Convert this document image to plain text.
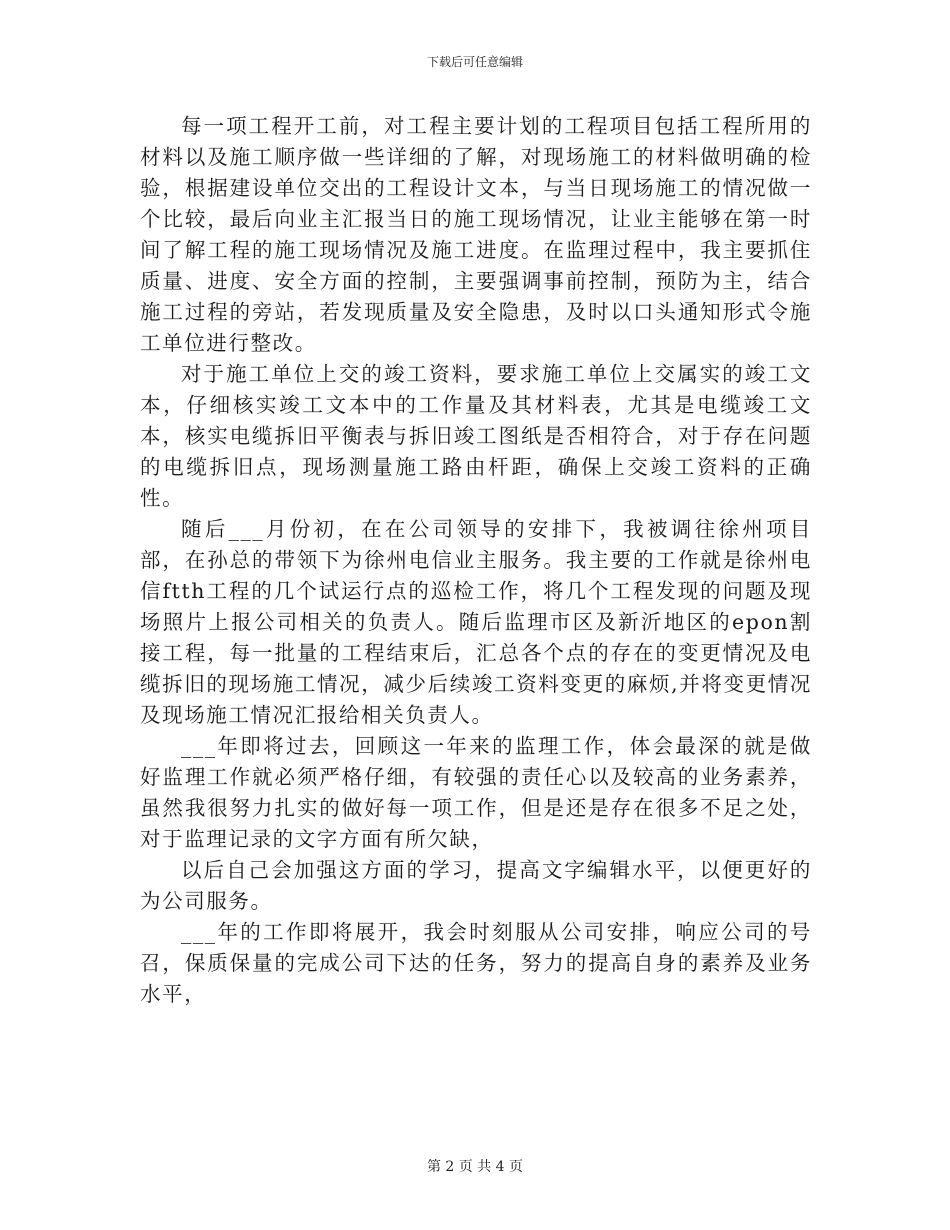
下载后可任意编辑

每一项工程开工前，对工程主要计划的工程项目包括工程所用的材料以及施工顺序做一些详细的了解，对现场施工的材料做明确的检验，根据建设单位交出的工程设计文本，与当日现场施工的情况做一个比较，最后向业主汇报当日的施工现场情况，让业主能够在第一时间了解工程的施工现场情况及施工进度。在监理过程中，我主要抓住质量、进度、安全方面的控制，主要强调事前控制，预防为主，结合施工过程的旁站，若发现质量及安全隐患，及时以口头通知形式令施工单位进行整改。

对于施工单位上交的竣工资料，要求施工单位上交属实的竣工文本，仔细核实竣工文本中的工作量及其材料表，尤其是电缆竣工文本，核实电缆拆旧平衡表与拆旧竣工图纸是否相符合，对于存在问题的电缆拆旧点，现场测量施工路由杆距，确保上交竣工资料的正确性。

随后___月份初，在在公司领导的安排下，我被调往徐州项目部，在孙总的带领下为徐州电信业主服务。我主要的工作就是徐州电信ftth工程的几个试运行点的巡检工作，将几个工程发现的问题及现场照片上报公司相关的负责人。随后监理市区及新沂地区的epon割接工程，每一批量的工程结束后，汇总各个点的存在的变更情况及电缆拆旧的现场施工情况，减少后续竣工资料变更的麻烦,并将变更情况及现场施工情况汇报给相关负责人。

___年即将过去，回顾这一年来的监理工作，体会最深的就是做好监理工作就必须严格仔细，有较强的责任心以及较高的业务素养，虽然我很努力扎实的做好每一项工作，但是还是存在很多不足之处，对于监理记录的文字方面有所欠缺，

以后自己会加强这方面的学习，提高文字编辑水平，以便更好的为公司服务。

___年的工作即将展开，我会时刻服从公司安排，响应公司的号召，保质保量的完成公司下达的任务，努力的提高自身的素养及业务水平，

第 2 页 共 4 页
